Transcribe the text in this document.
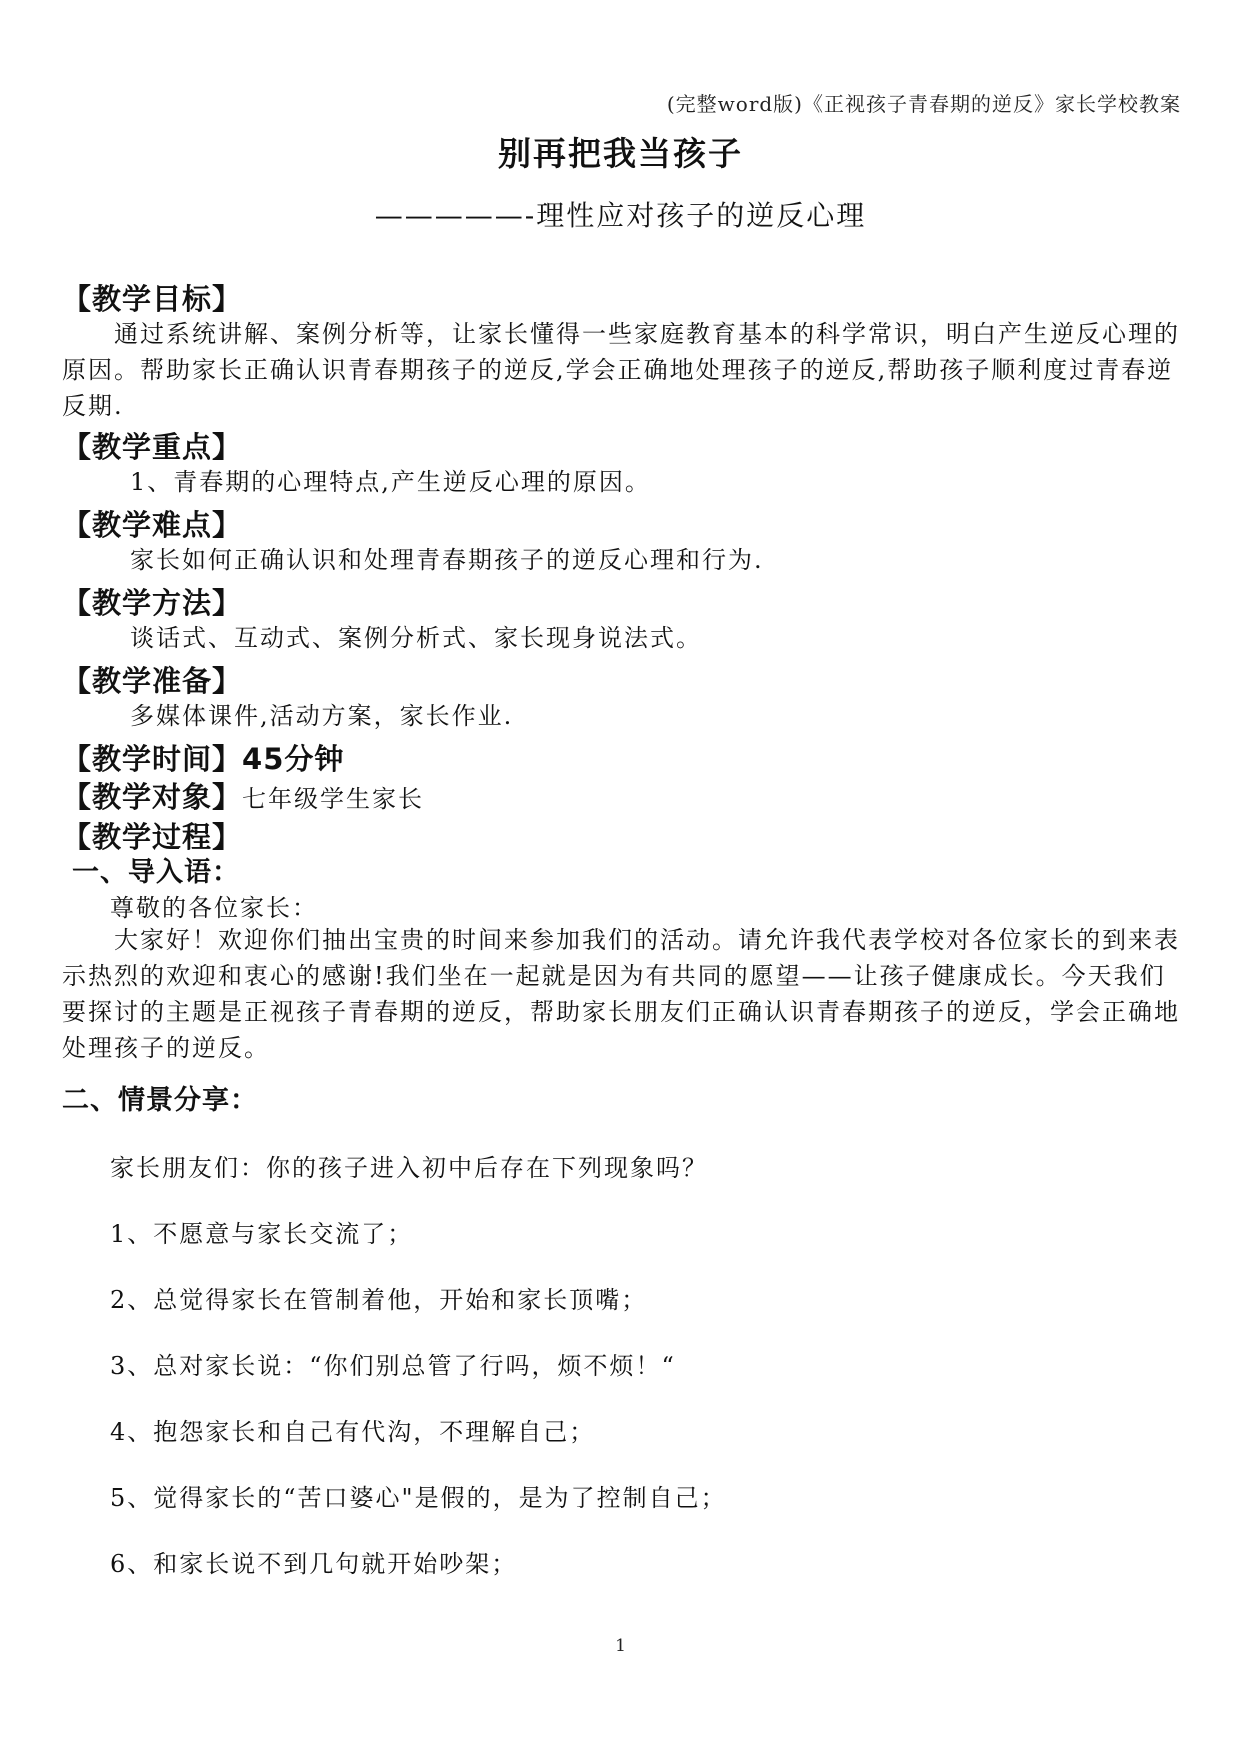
(完整word版)《正视孩子青春期的逆反》家长学校教案
别再把我当孩子
—————-理性应对孩子的逆反心理
【教学目标】

通过系统讲解、案例分析等，让家长懂得一些家庭教育基本的科学常识，明白产生逆反心理的原因。帮助家长正确认识青春期孩子的逆反,学会正确地处理孩子的逆反,帮助孩子顺利度过青春逆反期.

【教学重点】

1、青春期的心理特点,产生逆反心理的原因。

【教学难点】

家长如何正确认识和处理青春期孩子的逆反心理和行为.

【教学方法】

谈话式、互动式、案例分析式、家长现身说法式。

【教学准备】

多媒体课件,活动方案，家长作业.

【教学时间】45分钟
【教学对象】七年级学生家长
【教学过程】
一、导入语：

尊敬的各位家长：

大家好！欢迎你们抽出宝贵的时间来参加我们的活动。请允许我代表学校对各位家长的到来表示热烈的欢迎和衷心的感谢!我们坐在一起就是因为有共同的愿望——让孩子健康成长。今天我们要探讨的主题是正视孩子青春期的逆反，帮助家长朋友们正确认识青春期孩子的逆反，学会正确地处理孩子的逆反。

二、情景分享：

家长朋友们：你的孩子进入初中后存在下列现象吗？

1、不愿意与家长交流了；

2、总觉得家长在管制着他，开始和家长顶嘴；

3、总对家长说：“你们别总管了行吗，烦不烦！“

4、抱怨家长和自己有代沟，不理解自己；

5、觉得家长的“苦口婆心"是假的，是为了控制自己；

6、和家长说不到几句就开始吵架；

1
